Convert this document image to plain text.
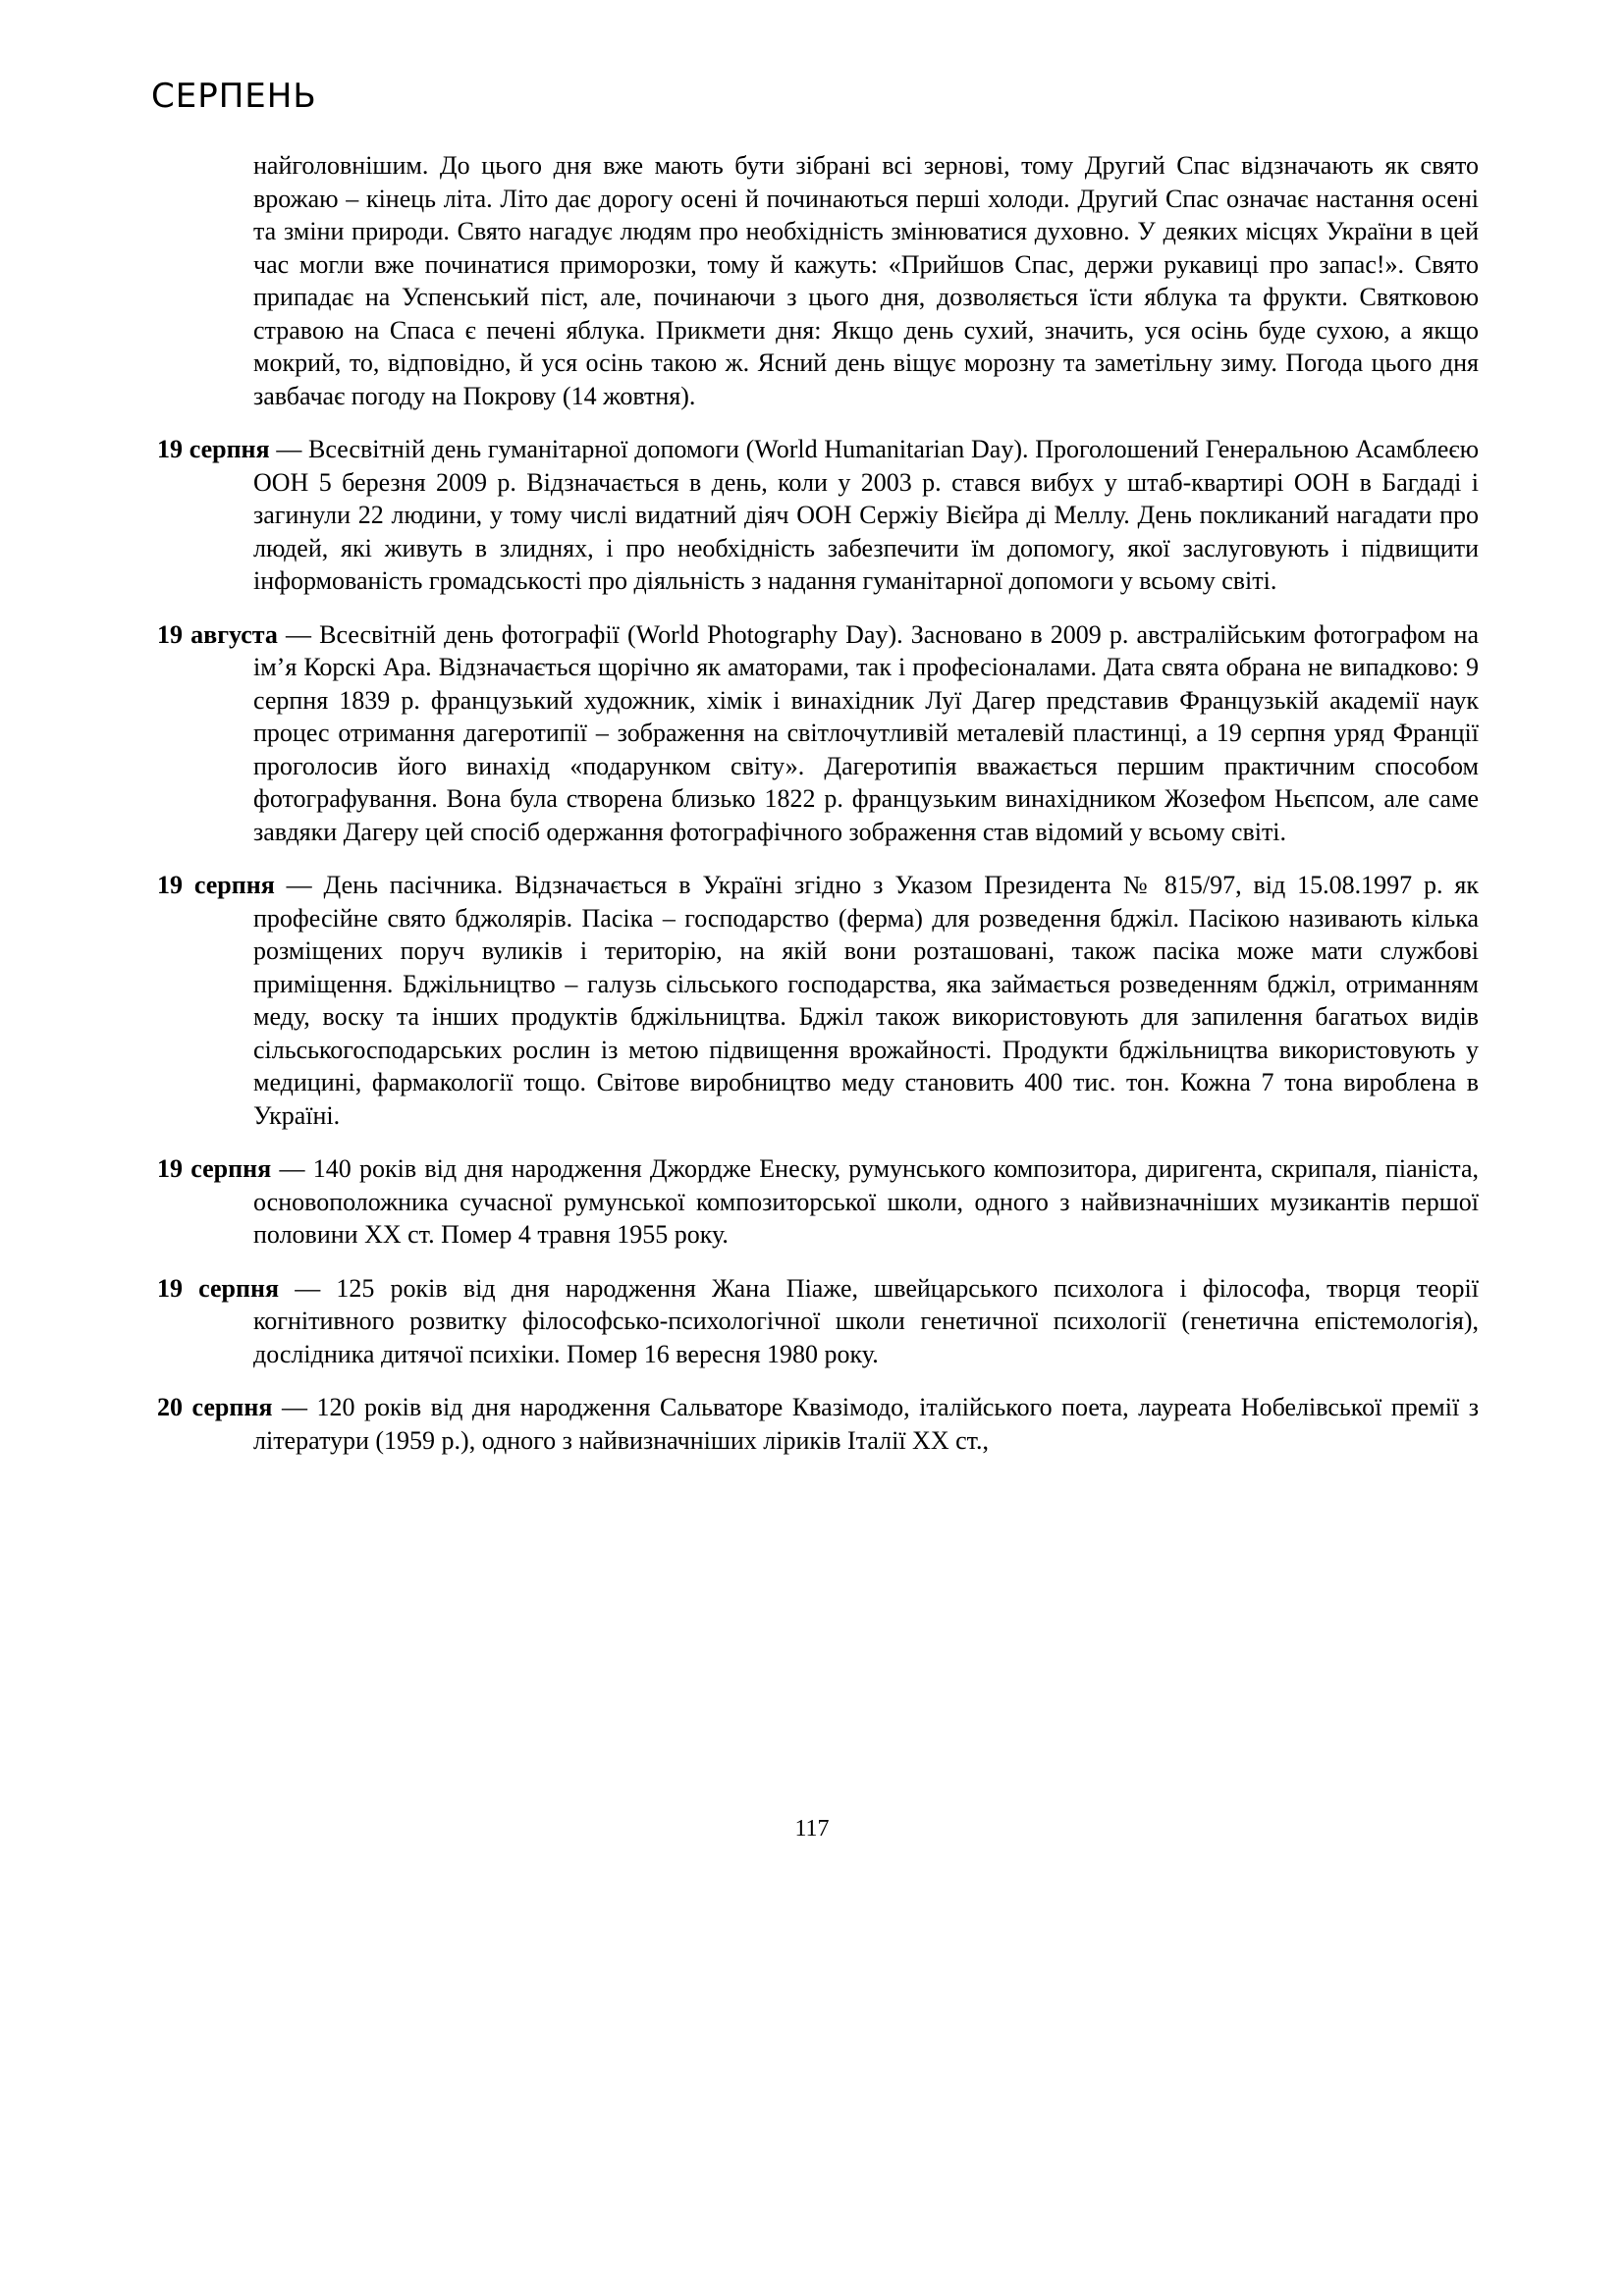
СЕРПЕНЬ

найголовнішим. До цього дня вже мають бути зібрані всі зернові, тому Другий Спас відзначають як свято врожаю – кінець літа. Літо дає дорогу осені й починаються перші холоди. Другий Спас означає настання осені та зміни природи. Свято нагадує людям про необхідність змінюватися духовно. У деяких місцях України в цей час могли вже починатися приморозки, тому й кажуть: «Прийшов Спас, держи рукавиці про запас!». Свято припадає на Успенський піст, але, починаючи з цього дня, дозволяється їсти яблука та фрукти. Святковою стравою на Спаса є печені яблука. Прикмети дня: Якщо день сухий, значить, уся осінь буде сухою, а якщо мокрий, то, відповідно, й уся осінь такою ж. Ясний день віщує морозну та заметільну зиму. Погода цього дня завбачає погоду на Покрову (14 жовтня).

19 серпня — Всесвітній день гуманітарної допомоги (World Humanitarian Day). Проголошений Генеральною Асамблеєю ООН 5 березня 2009 р. Відзначається в день, коли у 2003 р. стався вибух у штаб-квартирі ООН в Багдаді і загинули 22 людини, у тому числі видатний діяч ООН Сержіу Вієйра ді Меллу. День покликаний нагадати про людей, які живуть в злиднях, і про необхідність забезпечити їм допомогу, якої заслуговують і підвищити інформованість громадськості про діяльність з надання гуманітарної допомоги у всьому світі.

19 августа — Всесвітній день фотографії (World Photography Day). Засновано в 2009 р. австралійським фотографом на ім’я Корскі Ара. Відзначається щорічно як аматорами, так і професіоналами. Дата свята обрана не випадково: 9 серпня 1839 р. французький художник, хімік і винахідник Луї Дагер представив Французькій академії наук процес отримання дагеротипії – зображення на світлочутливій металевій пластинці, а 19 серпня уряд Франції проголосив його винахід «подарунком світу». Дагеротипія вважається першим практичним способом фотографування. Вона була створена близько 1822 р. французьким винахідником Жозефом Ньєпсом, але саме завдяки Дагеру цей спосіб одержання фотографічного зображення став відомий у всьому світі.

19 серпня — День пасічника. Відзначається в Україні згідно з Указом Президента № 815/97, від 15.08.1997 р. як професійне свято бджолярів. Пасіка – господарство (ферма) для розведення бджіл. Пасікою називають кілька розміщених поруч вуликів і територію, на якій вони розташовані, також пасіка може мати службові приміщення. Бджільництво – галузь сільського господарства, яка займається розведенням бджіл, отриманням меду, воску та інших продуктів бджільництва. Бджіл також використовують для запилення багатьох видів сільськогосподарських рослин із метою підвищення врожайності. Продукти бджільництва використовують у медицині, фармакології тощо. Світове виробництво меду становить 400 тис. тон. Кожна 7 тона вироблена в Україні.

19 серпня — 140 років від дня народження Джордже Енеску, румунського композитора, диригента, скрипаля, піаніста, основоположника сучасної румунської композиторської школи, одного з найвизначніших музикантів першої половини ХХ ст. Помер 4 травня 1955 року.

19 серпня — 125 років від дня народження Жана Піаже, швейцарського психолога і філософа, творця теорії когнітивного розвитку філософсько-психологічної школи генетичної психології (генетична епістемологія), дослідника дитячої психіки. Помер 16 вересня 1980 року.

20 серпня — 120 років від дня народження Сальваторе Квазімодо, італійського поета, лауреата Нобелівської премії з літератури (1959 р.), одного з найвизначніших ліриків Італії ХХ ст.,

117
